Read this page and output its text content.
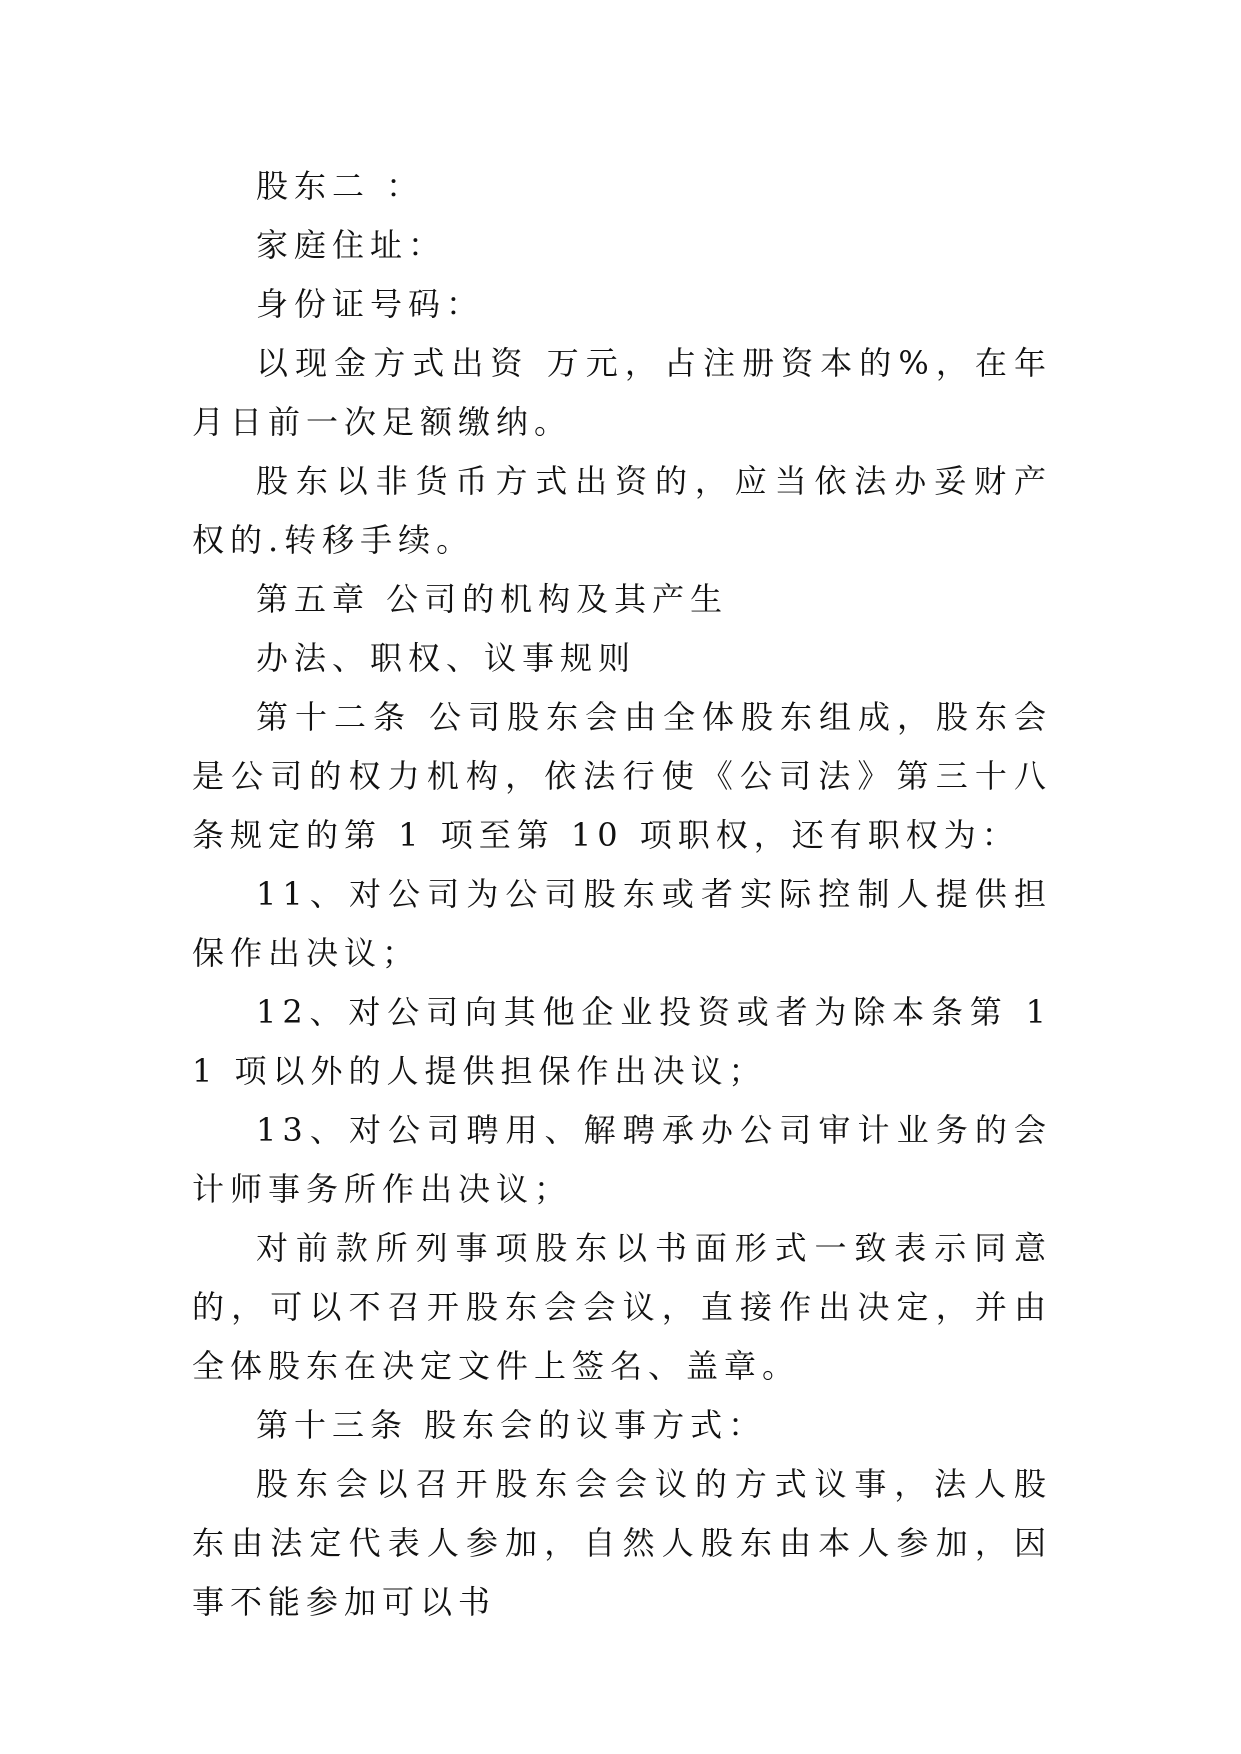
股东二 ：

家庭住址：

身份证号码：

以现金方式出资 万元，占注册资本的%，在年月日前一次足额缴纳。

股东以非货币方式出资的，应当依法办妥财产权的.转移手续。

第五章 公司的机构及其产生

办法、职权、议事规则

第十二条 公司股东会由全体股东组成，股东会是公司的权力机构，依法行使《公司法》第三十八条规定的第 1 项至第 10 项职权，还有职权为：

11、对公司为公司股东或者实际控制人提供担保作出决议；

12、对公司向其他企业投资或者为除本条第 11 项以外的人提供担保作出决议；

13、对公司聘用、解聘承办公司审计业务的会计师事务所作出决议；

对前款所列事项股东以书面形式一致表示同意的，可以不召开股东会会议，直接作出决定，并由全体股东在决定文件上签名、盖章。

第十三条 股东会的议事方式：

股东会以召开股东会会议的方式议事，法人股东由法定代表人参加，自然人股东由本人参加，因事不能参加可以书
